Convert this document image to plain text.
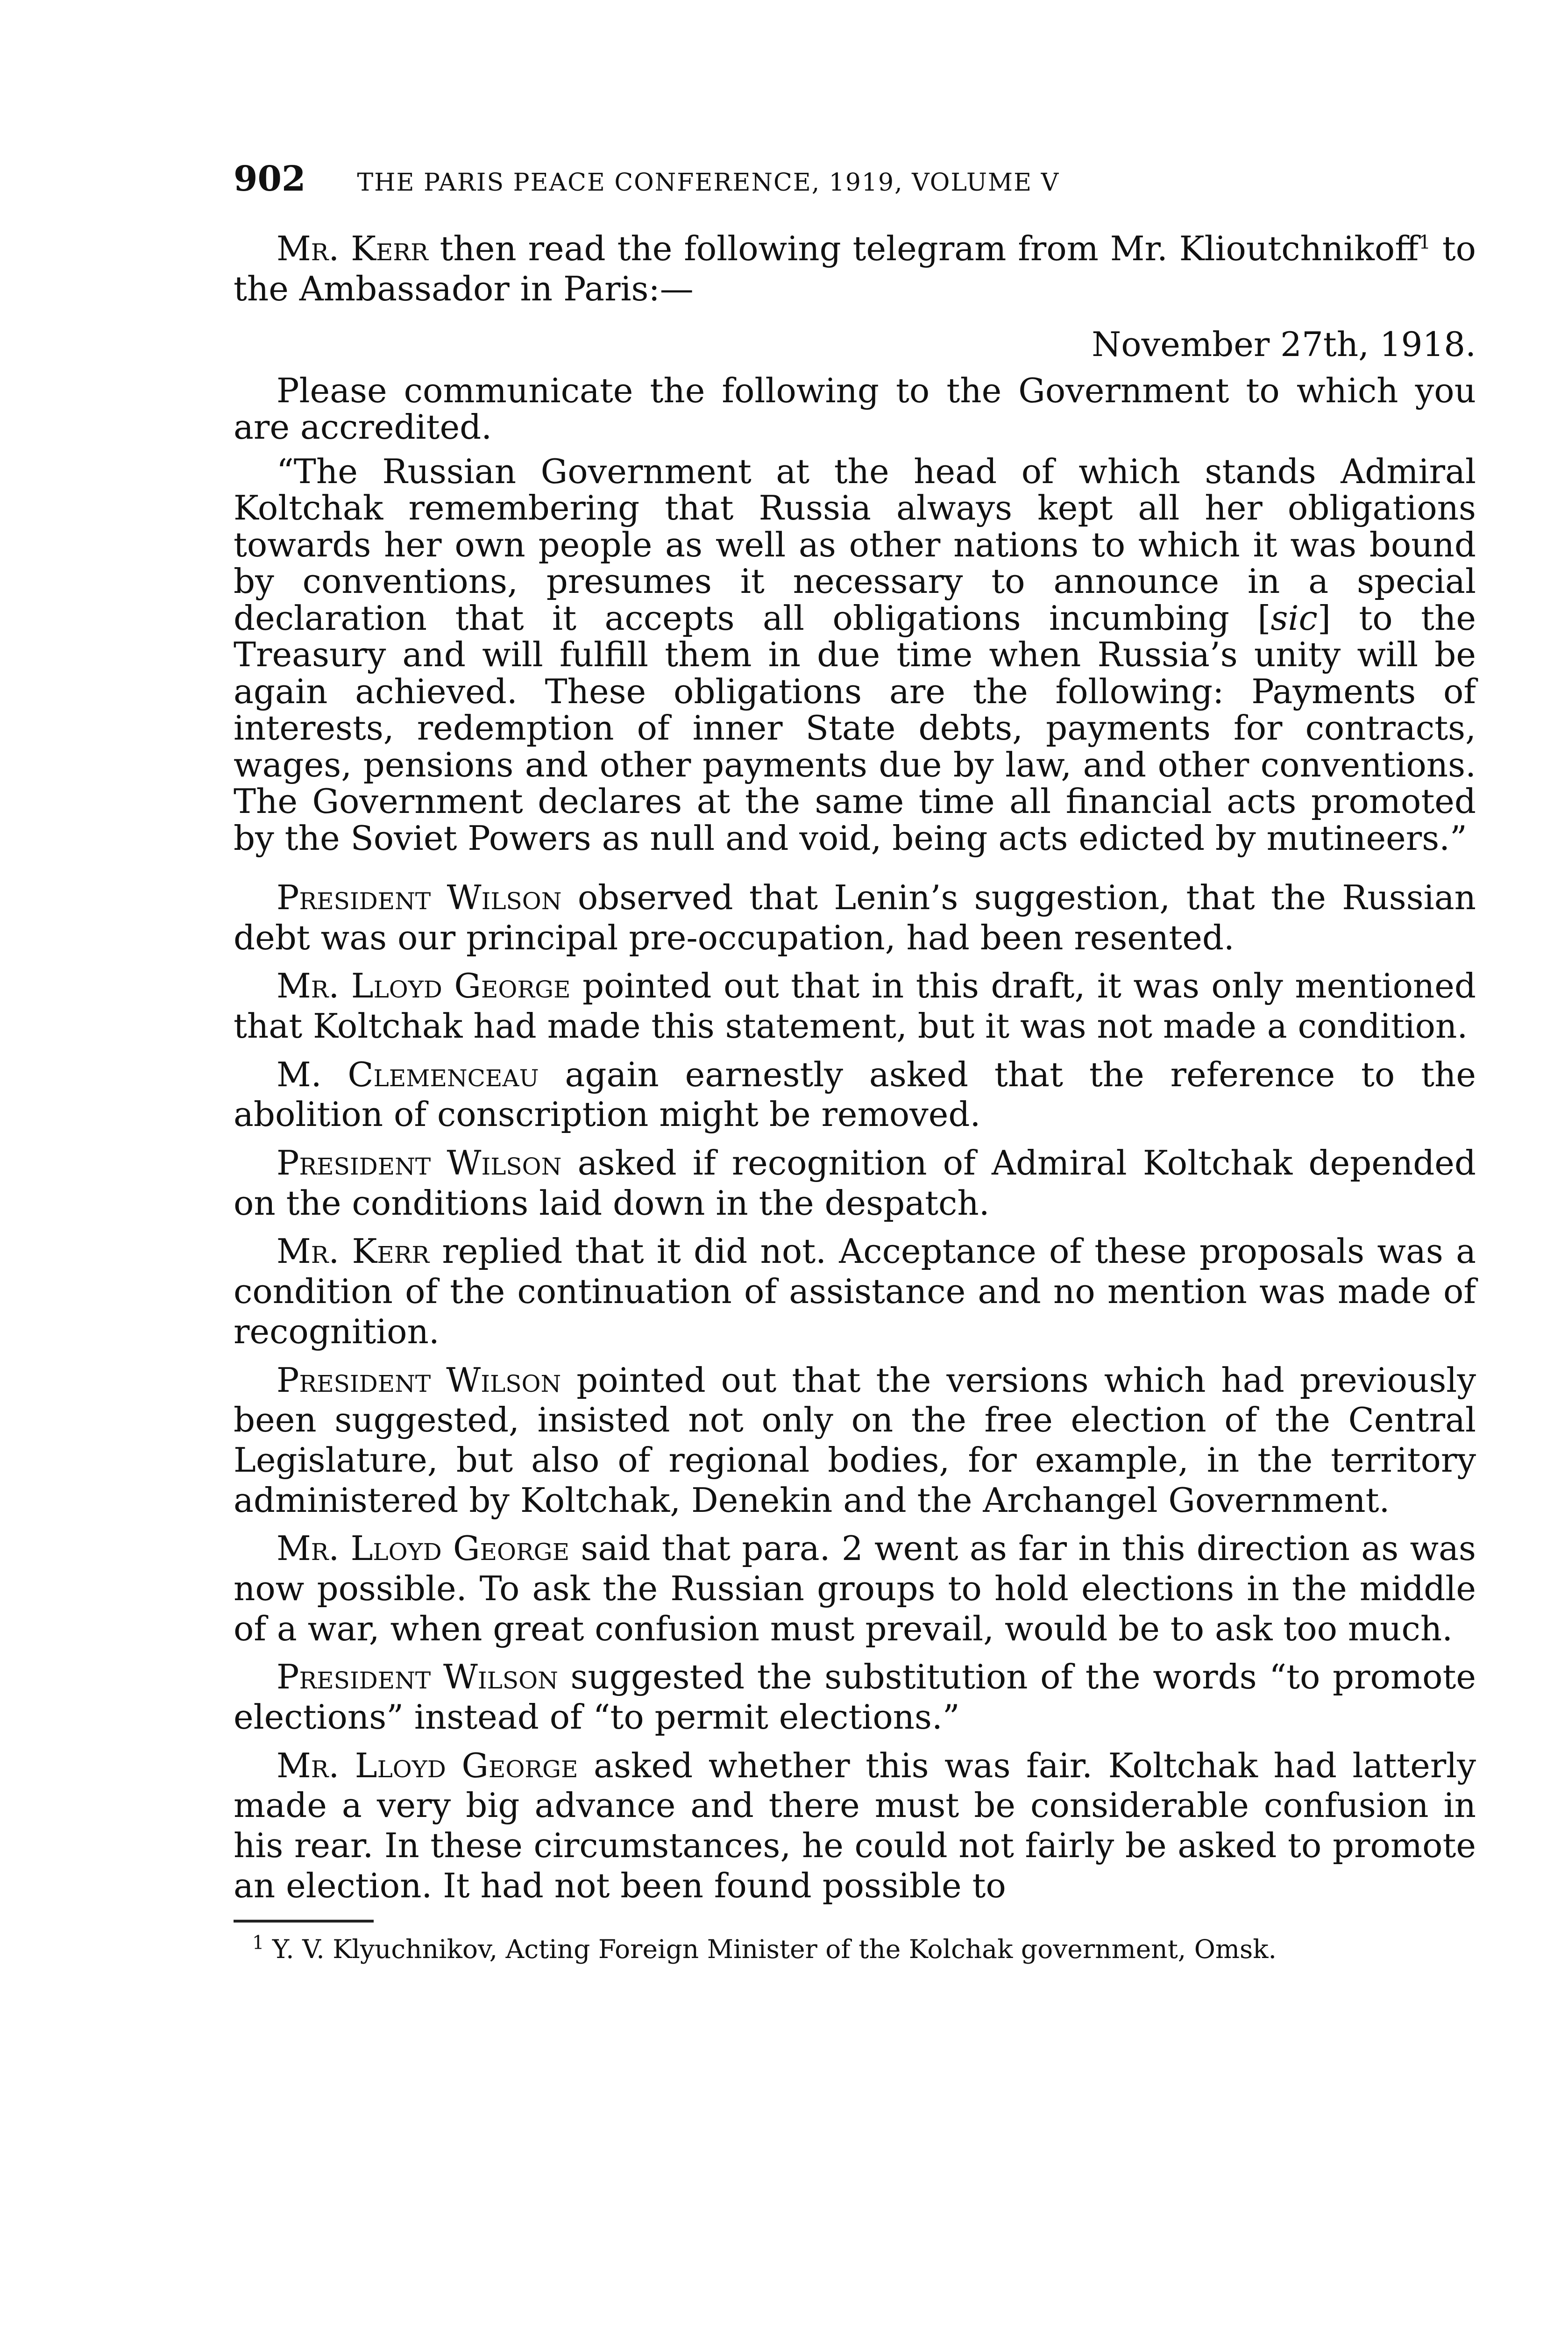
902 THE PARIS PEACE CONFERENCE, 1919, VOLUME V

Mr. Kerr then read the following telegram from Mr. Klioutchnikoff$^1$ to the Ambassador in Paris:—

November 27th, 1918.

Please communicate the following to the Government to which you are accredited.

“The Russian Government at the head of which stands Admiral Koltchak remembering that Russia always kept all her obligations towards her own people as well as other nations to which it was bound by conventions, presumes it necessary to announce in a special declaration that it accepts all obligations incumbing [sic] to the Treasury and will fulfill them in due time when Russia’s unity will be again achieved. These obligations are the following: Payments of interests, redemption of inner State debts, payments for contracts, wages, pensions and other payments due by law, and other conventions. The Government declares at the same time all financial acts promoted by the Soviet Powers as null and void, being acts edicted by mutineers.”

President Wilson observed that Lenin’s suggestion, that the Russian debt was our principal pre-occupation, had been resented.

Mr. Lloyd George pointed out that in this draft, it was only mentioned that Koltchak had made this statement, but it was not made a condition.

M. Clemenceau again earnestly asked that the reference to the abolition of conscription might be removed.

President Wilson asked if recognition of Admiral Koltchak depended on the conditions laid down in the despatch.

Mr. Kerr replied that it did not. Acceptance of these proposals was a condition of the continuation of assistance and no mention was made of recognition.

President Wilson pointed out that the versions which had previously been suggested, insisted not only on the free election of the Central Legislature, but also of regional bodies, for example, in the territory administered by Koltchak, Denekin and the Archangel Government.

Mr. Lloyd George said that para. 2 went as far in this direction as was now possible. To ask the Russian groups to hold elections in the middle of a war, when great confusion must prevail, would be to ask too much.

President Wilson suggested the substitution of the words “to promote elections” instead of “to permit elections.”

Mr. Lloyd George asked whether this was fair. Koltchak had latterly made a very big advance and there must be considerable confusion in his rear. In these circumstances, he could not fairly be asked to promote an election. It had not been found possible to

$^1$ Y. V. Klyuchnikov, Acting Foreign Minister of the Kolchak government, Omsk.
